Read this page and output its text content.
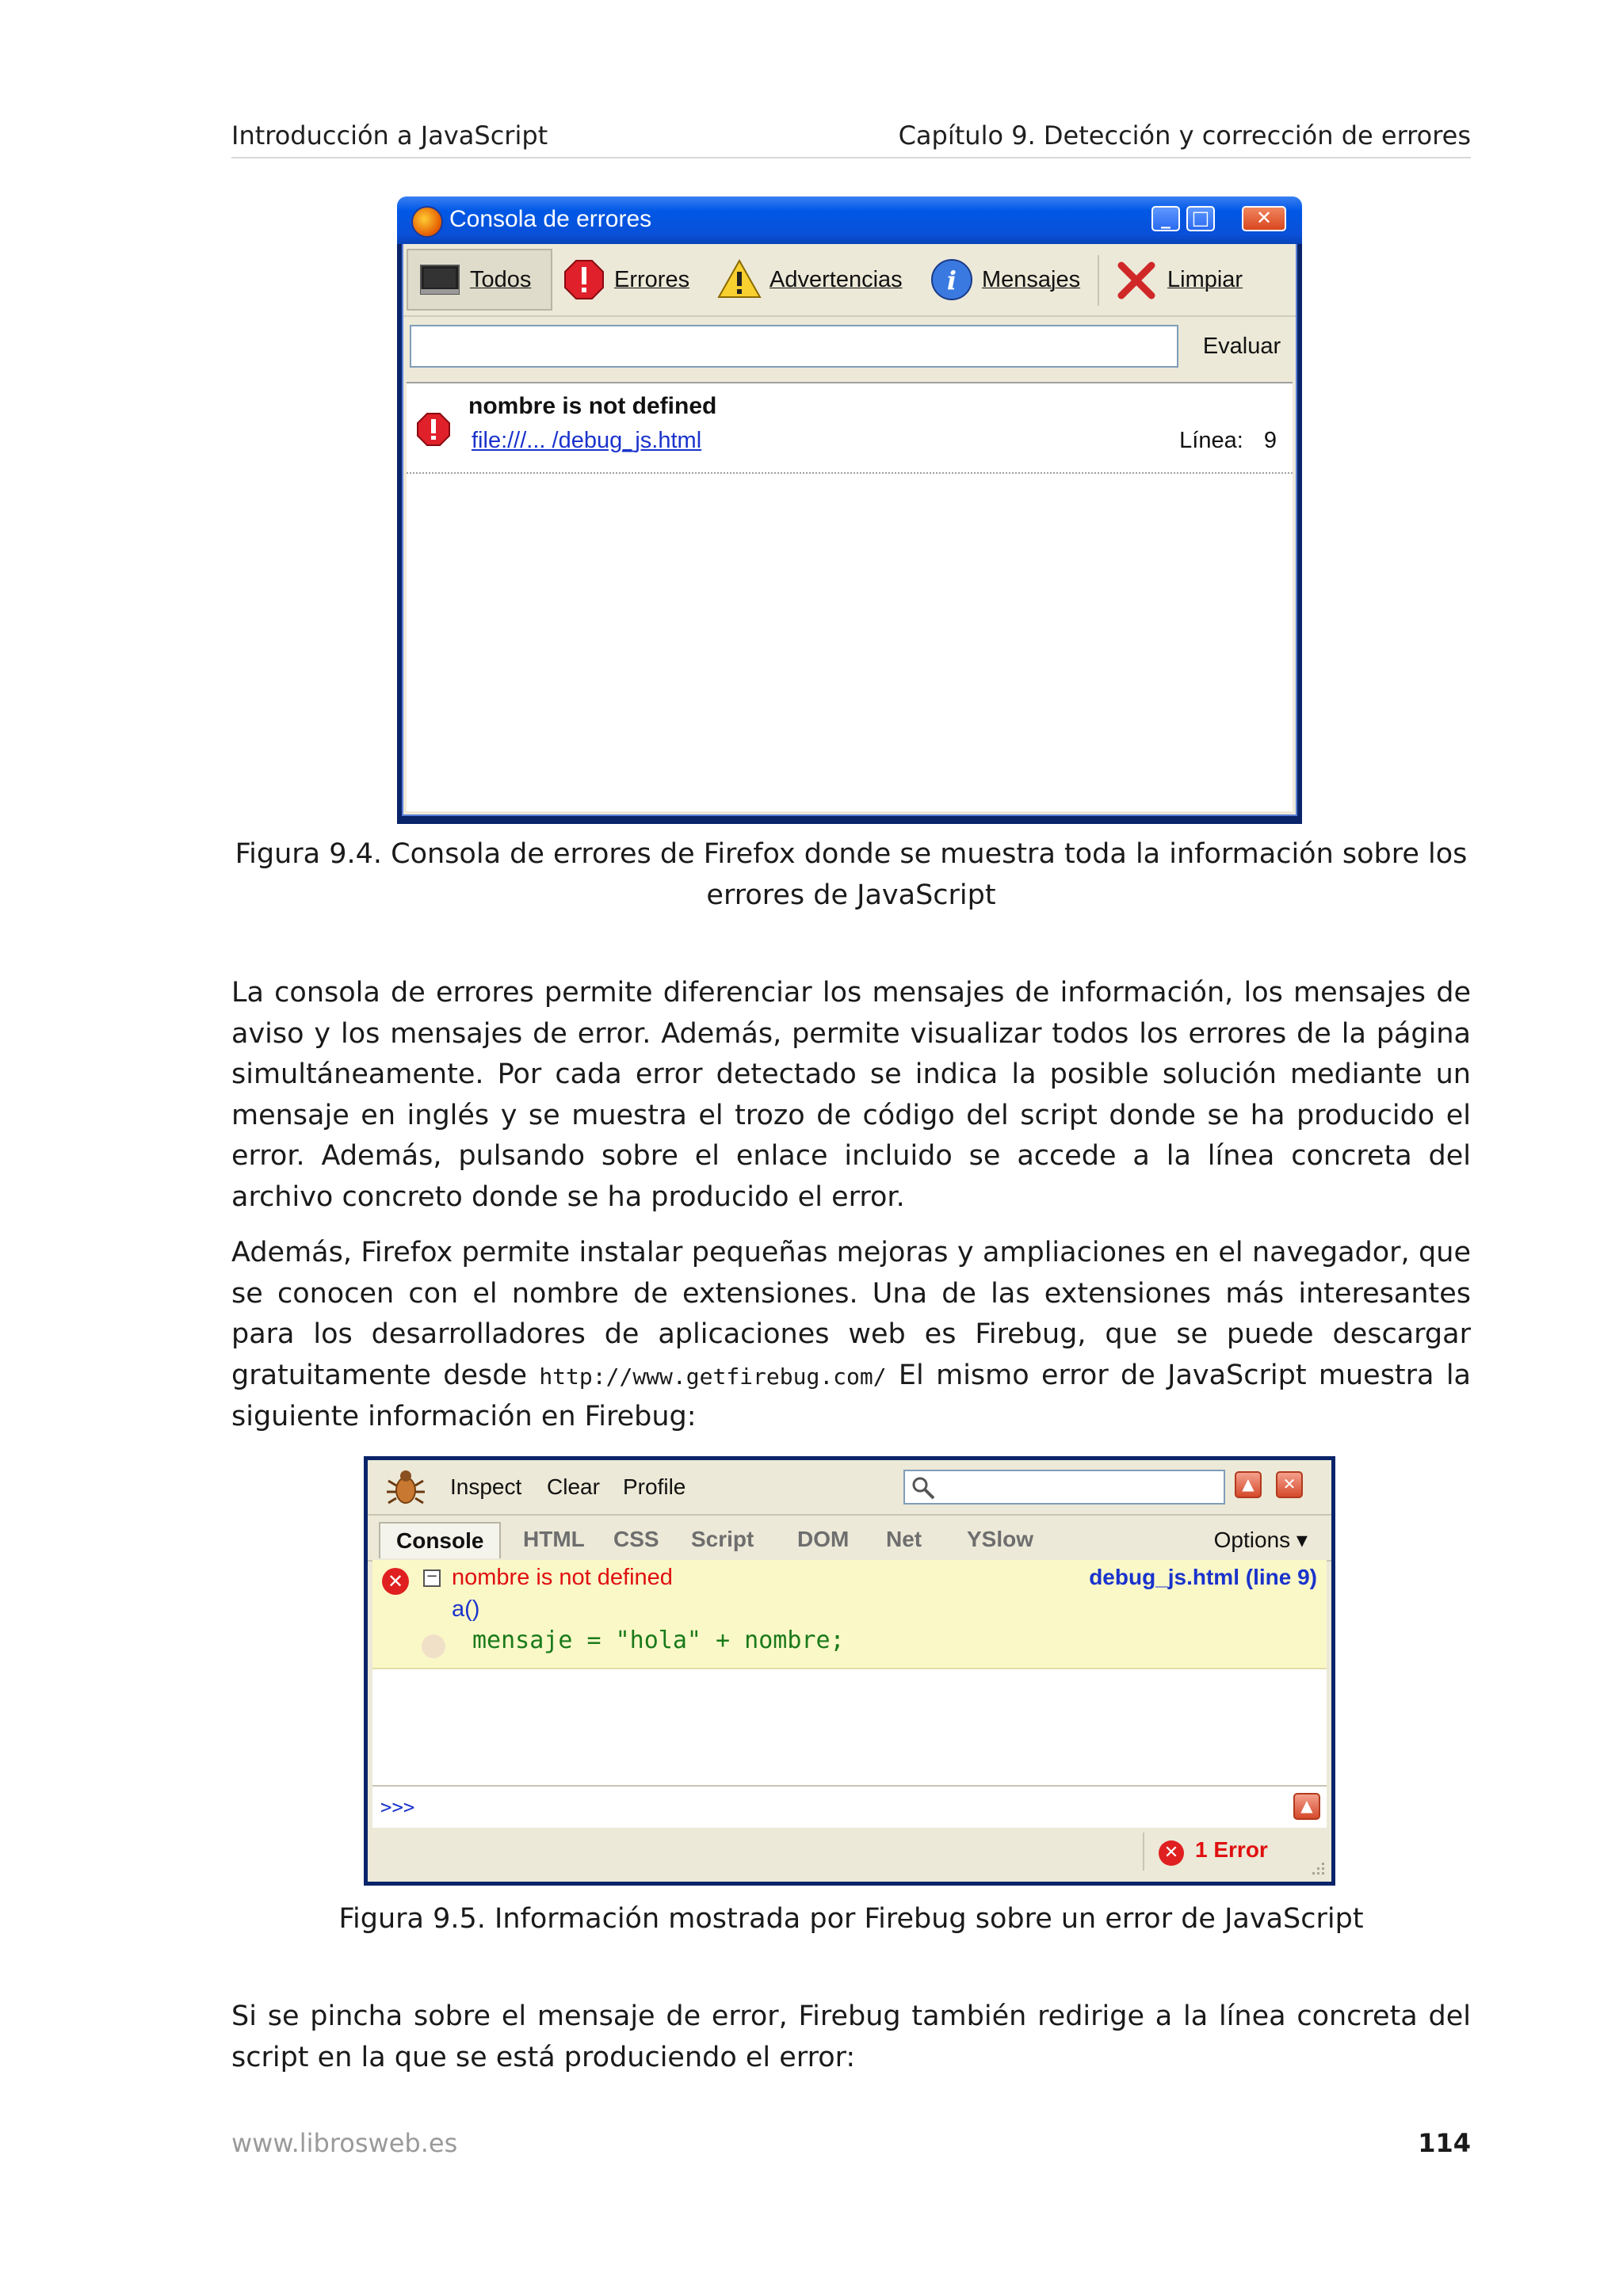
Introducción a JavaScript	Capítulo 9. Detección y corrección de errores
Consola de errores	_	□	✕
Todos	Errores	Advertencias i Mensajes	Limpiar
Evaluar
nombre is not defined
file:///... /debug_js.html	Línea: 9
Figura 9.4. Consola de errores de Firefox donde se muestra toda la información sobre los errores de JavaScript

La consola de errores permite diferenciar los mensajes de información, los mensajes de aviso y los mensajes de error. Además, permite visualizar todos los errores de la página simultáneamente. Por cada error detectado se indica la posible solución mediante un mensaje en inglés y se muestra el trozo de código del script donde se ha producido el error. Además, pulsando sobre el enlace incluido se accede a la línea concreta del archivo concreto donde se ha producido el error.

Además, Firefox permite instalar pequeñas mejoras y ampliaciones en el navegador, que se conocen con el nombre de extensiones. Una de las extensiones más interesantes para los desarrolladores de aplicaciones web es Firebug, que se puede descargar gratuitamente desde http://www.getfirebug.com/ El mismo error de JavaScript muestra la siguiente información en Firebug:

Inspect Clear Profile	▲	✕
Console	HTML CSS Script DOM Net YSlow	Options ▾
✕	− nombre is not defined	debug_js.html (line 9)
a()
mensaje = "hola" + nombre;
>>>	▲
✕ 1 Error
Figura 9.5. Información mostrada por Firebug sobre un error de JavaScript

Si se pincha sobre el mensaje de error, Firebug también redirige a la línea concreta del script en la que se está produciendo el error:

www.librosweb.es	114
